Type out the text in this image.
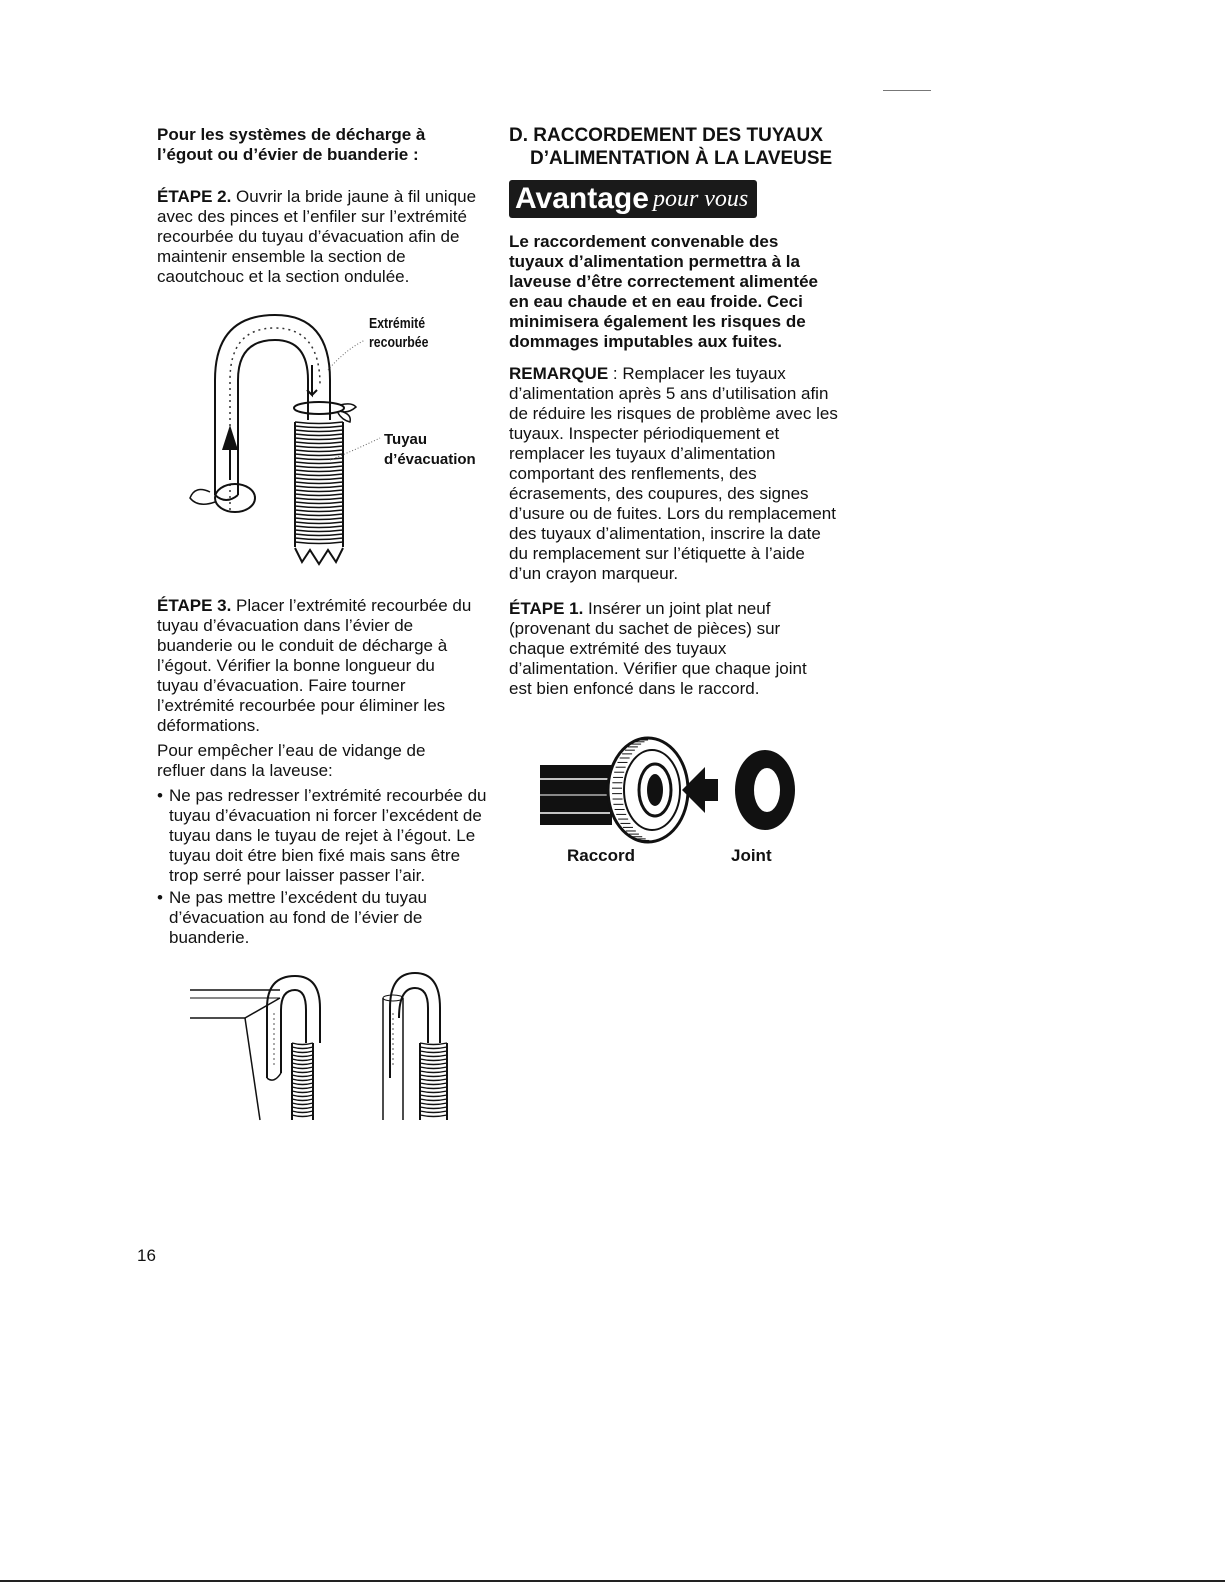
Pour les systèmes de décharge à l’égout ou d’évier de buanderie :
ÉTAPE 2. Ouvrir la bride jaune à fil unique avec des pinces et l’enfiler sur l’extrémité recourbée du tuyau d’évacuation afin de maintenir ensemble la section de caoutchouc et la section ondulée.
Extrémité
recourbée
Tuyau
d’évacuation
ÉTAPE 3. Placer l’extrémité recourbée du tuyau d’évacuation dans l’évier de buanderie ou le conduit de décharge à l’égout. Vérifier la bonne longueur du tuyau d’évacuation. Faire tourner l’extrémité recourbée pour éliminer les déformations.
Pour empêcher l’eau de vidange de refluer dans la laveuse:
• Ne pas redresser l’extrémité recourbée du tuyau d’évacuation ni forcer l’excédent de tuyau dans le tuyau de rejet à l’égout. Le tuyau doit étre bien fixé mais sans être trop serré pour laisser passer l’air.
• Ne pas mettre l’excédent du tuyau d’évacuation au fond de l’évier de buanderie.
D. RACCORDEMENT DES TUYAUX
D’ALIMENTATION À LA LAVEUSE
Avantage pour vous
Le raccordement convenable des tuyaux d’alimentation permettra à la laveuse d’être correctement alimentée en eau chaude et en eau froide. Ceci minimisera également les risques de dommages imputables aux fuites.
REMARQUE : Remplacer les tuyaux d’alimentation après 5 ans d’utilisation afin de réduire les risques de problème avec les tuyaux. Inspecter périodiquement et remplacer les tuyaux d’alimentation comportant des renflements, des écrasements, des coupures, des signes d’usure ou de fuites. Lors du remplacement des tuyaux d’alimentation, inscrire la date du remplacement sur l’étiquette à l’aide d’un crayon marqueur.
ÉTAPE 1. Insérer un joint plat neuf (provenant du sachet de pièces) sur chaque extrémité des tuyaux d’alimentation. Vérifier que chaque joint est bien enfoncé dans le raccord.
Raccord	Joint
16
